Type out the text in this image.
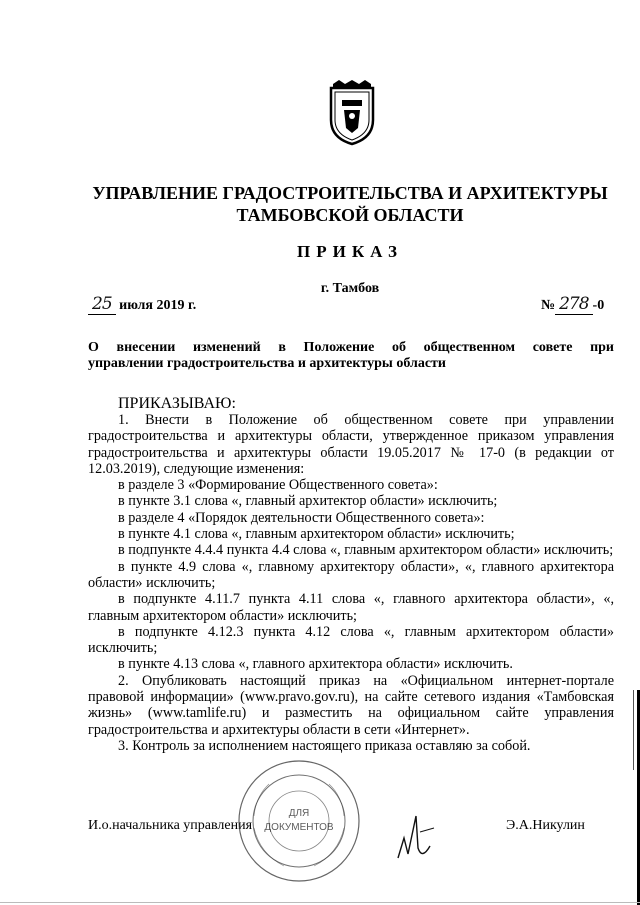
УПРАВЛЕНИЕ ГРАДОСТРОИТЕЛЬСТВА И АРХИТЕКТУРЫ
ТАМБОВСКОЙ ОБЛАСТИ
ПРИКАЗ
г. Тамбов
25 июля 2019 г.	№ 278 -0
О внесении изменений в Положение об общественном совете при
управлении градостроительства и архитектуры области
ПРИКАЗЫВАЮ:

1. Внести в Положение об общественном совете при управлении градостроительства и архитектуры области, утвержденное приказом управления градостроительства и архитектуры области 19.05.2017 № 17-0 (в редакции от 12.03.2019), следующие изменения:

в разделе 3 «Формирование Общественного совета»:

в пункте 3.1 слова «, главный архитектор области» исключить;

в разделе 4 «Порядок деятельности Общественного совета»:

в пункте 4.1 слова «, главным архитектором области» исключить;

в подпункте 4.4.4 пункта 4.4 слова «, главным архитектором области» исключить;

в пункте 4.9 слова «, главному архитектору области», «, главного архитектора области» исключить;

в подпункте 4.11.7 пункта 4.11 слова «, главного архитектора области», «, главным архитектором области» исключить;

в подпункте 4.12.3 пункта 4.12 слова «, главным архитектором области» исключить;

в пункте 4.13 слова «, главного архитектора области» исключить.

2. Опубликовать настоящий приказ на «Официальном интернет-портале правовой информации» (www.pravo.gov.ru), на сайте сетевого издания «Тамбовская жизнь» (www.tamlife.ru) и разместить на официальном сайте управления градостроительства и архитектуры области в сети «Интернет».

3. Контроль за исполнением настоящего приказа оставляю за собой.

И.о.начальника управления	Э.А.Никулин
ДЛЯ
ДОКУМЕНТОВ
